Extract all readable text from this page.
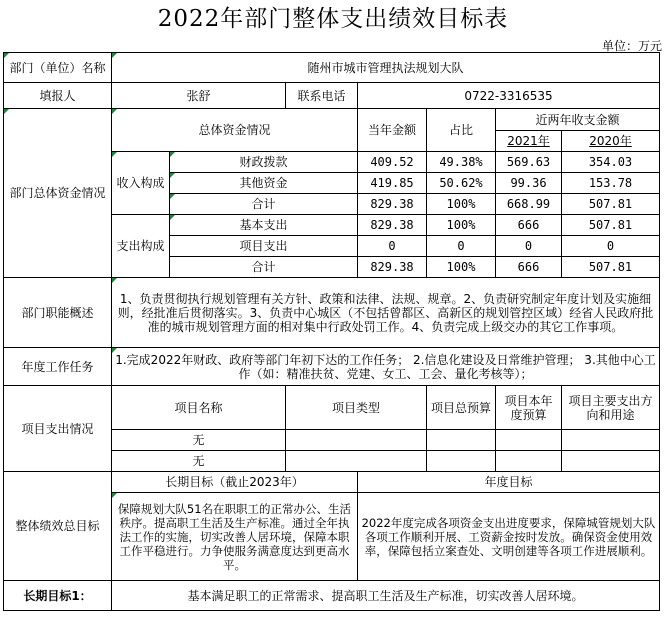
2022年部门整体支出绩效目标表
单位：万元
部门（单位）名称	随州市城市管理执法规划大队						
填报人	张舒		联系电话	0722-3316535			
部门总体资金情况	总体资金情况			当年金额	占比	近两年收支金额	
						2021年	2020年
	收入构成	财政拨款		409.52	49.38%	569.63	354.03
		其他资金		419.85	50.62%	99.36	153.78
		合计		829.38	100%	668.99	507.81
	支出构成	基本支出		829.38	100%	666	507.81
		项目支出		0	0	0	0
		合计		829.38	100%	666	507.81
部门职能概述	1、负责贯彻执行规划管理有关方针、政策和法律、法规、规章。2、负责研究制定年度计划及实施细则，经批准后贯彻落实。3、负责中心城区（不包括曾都区、高新区的规划管控区域）经省人民政府批准的城市规划管理方面的相对集中行政处罚工作。4、负责完成上级交办的其它工作事项。						
年度工作任务	1.完成2022年财政、政府等部门年初下达的工作任务； 2.信息化建设及日常维护管理； 3.其他中心工作（如：精准扶贫、党建、女工、工会、量化考核等）；						
项目支出情况	项目名称		项目类型		项目总预算	项目本年度预算	项目主要支出方向和用途
	无						
	无						
整体绩效总目标	长期目标（截止2023年）			年度目标			
	保障规划大队51名在职职工的正常办公、生活秩序。提高职工生活及生产标准。通过全年执法工作的实施，切实改善人居环境，保障本职工作平稳进行。力争使服务满意度达到更高水平。			2022年度完成各项资金支出进度要求，保障城管规划大队各项工作顺利开展、工资薪金按时发放。确保资金使用效率，保障包括立案查处、文明创建等各项工作进展顺利。			
长期目标1：	基本满足职工的正常需求、提高职工生活及生产标准，切实改善人居环境。						
